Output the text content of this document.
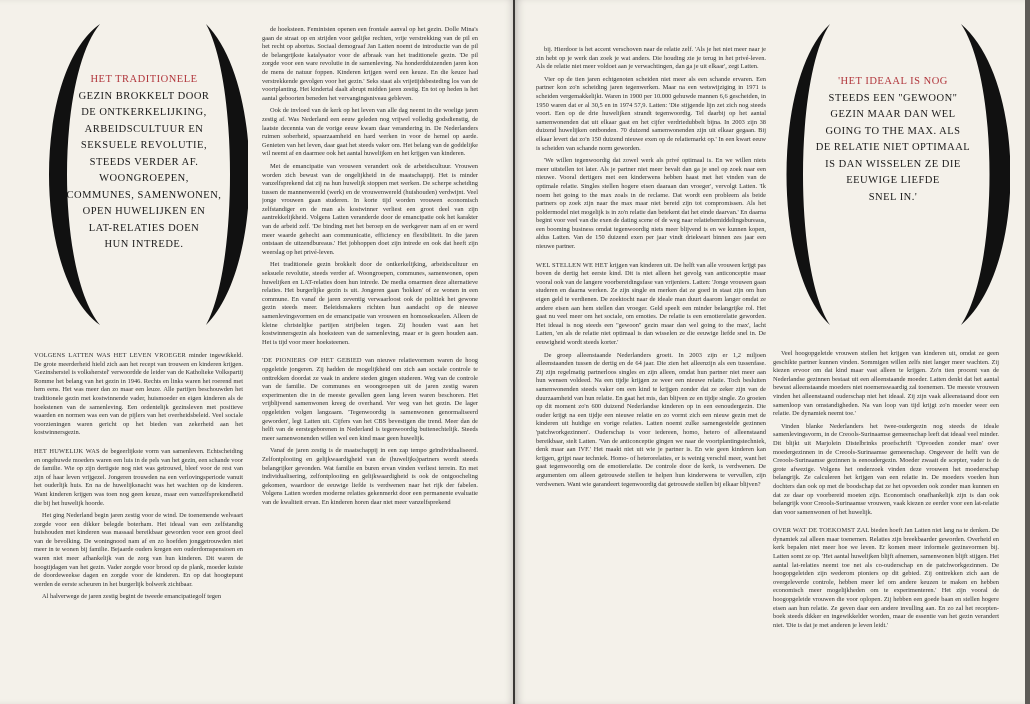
HET TRADITIONELE
GEZIN BROKKELT DOOR
DE ONTKERKELIJKING,
ARBEIDSCULTUUR EN
SEKSUELE REVOLUTIE,
STEEDS VERDER AF.
WOONGROEPEN,
COMMUNES, SAMENWONEN,
OPEN HUWELIJKEN EN
LAT-RELATIES DOEN
HUN INTREDE.

VOLGENS LATTEN WAS HET LEVEN VROEGER minder ingewikkeld. De grote meerderheid hield zich aan het recept van trouwen en kinderen krijgen. 'Gezinsherstel is volksherstel' verwoordde de leider van de Katholieke Volkspartij Romme het belang van het gezin in 1946. Rechts en links waren het roerend met hem eens. Het was meer dan zo maar een leuze. Alle partijen beschouwden het traditionele gezin met kostwinnende vader, huismoeder en eigen kinderen als de hoekstenen van de samenleving. Een ordentelijk gezinsleven met positieve waarden en normen was een van de pijlers van het overheidsbeleid. Veel sociale voorzieningen waren gericht op het bieden van zekerheid aan het kostwinnersgezin.

HET HUWELIJK WAS de begeerlijkste vorm van samenleven. Echtscheiding en ongehuwde moeders waren een luis in de pels van het gezin, een schande voor de familie. Wie op zijn dertigste nog niet was getrouwd, bleef voor de rest van zijn of haar leven vrijgezel. Jongeren trouwden na een verlovingsperiode vanuit het ouderlijk huis. En na de huwelijksnacht was het wachten op de kinderen. Want kinderen krijgen was toen nog geen keuze, maar een vanzelfsprekendheid die bij het huwelijk hoorde.

Het ging Nederland begin jaren zestig voor de wind. De toenemende welvaart zorgde voor een dikker belegde boterham. Het ideaal van een zelfstandig huishouden met kinderen was massaal bereikbaar geworden voor een groot deel van de bevolking. De woningnood nam af en zo hoefden jonggetrouwden niet meer in te wonen bij familie. Bejaarde ouders kregen een ouderdomspensioen en waren niet meer afhankelijk van de zorg van hun kinderen. Dit waren de hoogtijdagen van het gezin. Vader zorgde voor brood op de plank, moeder kuiste de doordeweekse dagen en zorgde voor de kinderen. En op dat hoogtepunt werden de eerste scheuren in het burgerlijk bolwerk zichtbaar.

Al halverwege de jaren zestig begint de tweede emancipatiegolf tegen

de hoeksteen. Feministen openen een frontale aanval op het gezin. Dolle Mina's gaan de straat op en strijden voor gelijke rechten, vrije verstrekking van de pil en het recht op abortus. Sociaal demograaf Jan Latten noemt de introductie van de pil de belangrijkste katalysator voor de afbraak van het traditionele gezin. 'De pil zorgde voor een ware revolutie in de samenleving. Na honderdduizenden jaren kon de mens de natuur foppen. Kinderen krijgen werd een keuze. En die keuze had verstrekkende gevolgen voor het gezin.' Seks staat als vrijetijdsbesteding los van de voortplanting. Het kindertal daalt abrupt midden jaren zestig. En tot op heden is het aantal geboorten beneden het vervangingsniveau gebleven.

Ook de invloed van de kerk op het leven van alle dag neemt in die woelige jaren zestig af. Was Nederland een eeuw geleden nog vrijwel volledig godsdienstig, de laatste decennia van de vorige eeuw kwam daar verandering in. De Nederlanders ruimen soberheid, spaarzaamheid en hard werken in voor de hemel op aarde. Genieten van het leven, daar gaat het steeds vaker om. Het belang van de goddelijke wil neemt af en daarmee ook het aantal huwelijken en het krijgen van kinderen.

Met de emancipatie van vrouwen verandert ook de arbeidscultuur. Vrouwen worden zich bewust van de ongelijkheid in de maatschappij. Het is minder vanzelfsprekend dat zij na hun huwelijk stoppen met werken. De scherpe scheiding tussen de mannenwereld (werk) en de vrouwenwereld (huishouden) verdwijnt. Veel jonge vrouwen gaan studeren. In korte tijd worden vrouwen economisch zelfstandiger en de man als kostwinner verliest een groot deel van zijn aantrekkelijkheid. Volgens Latten veranderde door de emancipatie ook het karakter van de arbeid zelf. 'De binding met het beroep en de werkgever nam af en er werd meer waarde gehecht aan communicatie, efficiency en flexibiliteit. In die jaren ontstaan de uitzendbureaus.' Het jobhoppen doet zijn intrede en ook dat heeft zijn weerslag op het privé-leven.

Het traditionele gezin brokkelt door de ontkerkelijking, arbeidscultuur en seksuele revolutie, steeds verder af. Woongroepen, communes, samenwonen, open huwelijken en LAT-relaties doen hun intrede. De media omarmen deze alternatieve relaties. Het burgerlijke gezin is uit. Jongeren gaan 'hokken' of ze wonen in een commune. En vanaf de jaren zeventig verwaarloost ook de politiek het gewone gezin steeds meer. Beleidsmakers richten hun aandacht op de nieuwe samenlevingsvormen en de emancipatie van vrouwen en homoseksuelen. Alleen de kleine christelijke partijen strijbelen tegen. Zij houden vast aan het kostwinnersgezin als hoeksteen van de samenleving, maar er is geen houden aan. Het is tijd voor meer hoeksteenen.

'DE PIONIERS OP HET GEBIED van nieuwe relatievormen waren de hoog opgeleide jongeren. Zij hadden de mogelijkheid om zich aan sociale controle te onttrekken doordat ze vaak in andere steden gingen studeren. Weg van de controle van de familie. De communes en woongroepen uit de jaren zestig waren experimenten die in de meeste gevallen geen lang leven waren beschoren. Het vrijblijvend samenwonen kreeg de overhand. Ver weg van het gezin. De lager opgeleiden volgen langzaam. 'Tegenwoordig is samenwonen genormaliseerd geworden', legt Latten uit. Cijfers van het CBS bevestigen die trend. Meer dan de helft van de eerstegeborenen in Nederland is tegenwoordig buitenechtelijk. Steeds meer samenwonenden willen wel een kind maar geen huwelijk.

Vanaf de jaren zestig is de maatschappij in een zap tempo geïndividualiseerd. Zelfontplooiing en gelijkwaardigheid van de (huwelijks)partners wordt steeds belangrijker gevonden. Wat familie en buren ervan vinden verliest terrein. En met individualisering, zelfontplooiing en gelijkwaardigheid is ook de ontgoocheling gekomen, waardoor de eeuwige liefde is verdwenen naar het rijk der fabelen. Volgens Latten worden moderne relaties gekenmerkt door een permanente evaluatie van de kwaliteit ervan. En kinderen horen daar niet meer vanzelfsprekend

bij. Hierdoor is het accent verschoven naar de relatie zelf. 'Als je het niet meer naar je zin hebt op je werk dan zoek je wat anders. Die houding zie je terug in het privé-leven. Als de relatie niet meer voldoet aan je verwachtingen, dan ga je uit elkaar', zegt Latten.

Vier op de tien jaren echtgenoten scheiden niet meer als een schande ervaren. Een partner kon zo'n scheiding jaren tegenwerken. Maar na een wetswijziging in 1971 is scheiden vergemakkelijkt. Waren in 1900 per 10.000 gehuwde mannen 6,6 gescheiden, in 1950 waren dat er al 30,5 en in 1974 57,9. Latten: 'Die stijgende lijn zet zich nog steeds voort. Een op de drie huwelijken strandt tegenwoordig. Tel daarbij op het aantal samenwonenden dat uit elkaar gaat en het cijfer verdriedubbelt bijna. In 2003 zijn 38 duizend huwelijken ontbonden. 70 duizend samenwonenden zijn uit elkaar gegaan. Bij elkaar levert dat zo'n 150 duizend nieuwe exen op de relatiemarkt op.' In een kwart eeuw is scheiden van schande norm geworden.

'We willen tegenwoordig dat zowel werk als privé optimaal is. En we willen niets meer uitstellen tot later. Als je partner niet meer bevalt dan ga je snel op zoek naar een nieuwe. Vooral dertigers met een kinderwens hebben haast met het vinden van de optimale relatie. Singles stellen hogere eisen daaraan dan vroeger', vervolgt Latten. 'Ik noem het going to the max zoals in de reclame. Dat wordt een probleem als beide partners op zoek zijn naar the max maar niet bereid zijn tot compromissen. Als het poldermodel niet mogelijk is in zo'n relatie dan betekent dat het einde daarvan.' En daarna begint voor veel van die exen de dating scene of de weg naar relatiebemiddelingsbureaus, een booming business omdat tegenwoordig niets meer blijvend is en we kunnen kopen, aldus Latten. Van de 150 duizend exen per jaar vindt driekwart binnen zes jaar een nieuwe partner.

WEL STELLEN WE HET krijgen van kinderen uit. De helft van alle vrouwen krijgt pas boven de dertig het eerste kind. Dit is niet alleen het gevolg van anticonceptie maar vooral ook van de langere voorbereidingsfase van vrijeniers. Latten: 'Jonge vrouwen gaan studeren en daarna werken. Ze zijn single en merken dat ze goed in staat zijn om hun eigen geld te verdienen. De zoektocht naar de ideale man duurt daarom langer omdat ze andere eisen aan hem stellen dan vroeger. Geld speelt een minder belangrijke rol. Het gaat nu veel meer om het sociale, om emoties. De relatie is een emotierelatie geworden. Het ideaal is nog steeds een "gewoon" gezin maar dan wel going to the max', lacht Latten, 'en als de relatie niet optimaal is dan wisselen ze die eeuwige liefde snel in. De eeuwigheid wordt steeds korter.'

De groep alleenstaande Nederlanders groeit. In 2003 zijn er 1,2 miljoen alleenstaanden tussen de dertig en de 64 jaar. Die zien het alleenzijn als een tussenfase. Zij zijn regelmatig partnerloos singles en zijn alleen, omdat hun partner niet meer aan hun wensen voldeed. Na een tijdje krijgen ze weer een nieuwe relatie. Toch besluiten samenwonenden steeds vaker om een kind te krijgen zonder dat ze zeker zijn van de duurzaamheid van hun relatie. En gaat het mis, dan blijven ze en tijdje single. Zo groeien op dit moment zo'n 600 duizend Nederlandse kinderen op in een eenoudergezin. Die ouder krijgt na een tijdje een nieuwe relatie en zo vormt zich een nieuw gezin met de kinderen uit huidige en vorige relaties. Latten noemt zulke samengestelde gezinnen 'patchworkgezinnen'. Ouderschap is voor iedereen, homo, hetero of alleenstaand bereikbaar, stelt Latten. 'Van de anticonceptie gingen we naar de voortplantingstechniek, denk maar aan IVF.' Het maakt niet uit wie je partner is. En wie geen kinderen kan krijgen, grijpt naar techniek. Homo- of heterorelaties, er is weinig verschil meer, want het gaat tegenwoordig om de emotierelatie. De controle door de kerk, is verdwenen. De argumenten om alleen getrouwde stellen te helpen hun kinderwens te vervullen, zijn verdwenen. Want wie garandeert tegenwoordig dat getrouwde stellen bij elkaar blijven?

'HET IDEAAL IS NOG
STEEDS EEN "GEWOON"
GEZIN MAAR DAN WEL
GOING TO THE MAX. ALS
DE RELATIE NIET OPTIMAAL
IS DAN WISSELEN ZE DIE
EEUWIGE LIEFDE
SNEL IN.'

Veel hoogopgeleide vrouwen stellen het krijgen van kinderen uit, omdat ze geen geschikte partner kunnen vinden. Sommigen willen zelfs niet langer meer wachten. Zij kiezen ervoor om dat kind maar vast alleen te krijgen. Zo'n tien procent van de Nederlandse gezinnen bestaat uit een alleenstaande moeder. Latten denkt dat het aantal bewust alleenstaande moeders niet noemenswaardig zal toenemen. 'De meeste vrouwen vinden het alleenstaand ouderschap niet het ideaal. Zij zijn vaak alleenstaand door een samenloop van omstandigheden. Na van loop van tijd krijgt zo'n moeder weer een relatie. De dynamiek neemt toe.'

Vinden blanke Nederlanders het twee-oudergezin nog steeds de ideale samenlevingsvorm, in de Creools-Surinaamse gemeenschap leeft dat ideaal veel minder. Dit blijkt uit Marjolein Distelbrinks proefschrift 'Opvoeden zonder man' over moedergezinnen in de Creools-Surinaamse gemeenschap. Ongeveer de helft van de Creools-Surinaamse gezinnen is eenoudergezin. Moeder zwaait de scepter, vader is de grote afwezige. Volgens het onderzoek vinden deze vrouwen het moederschap belangrijk. Ze calculeren het krijgen van een relatie in. De moeders voeden hun dochters dan ook op met de boodschap dat ze het opvoeden ook zonder man kunnen en dat ze daar op voorbereid moeten zijn. Economisch onafhankelijk zijn is dan ook belangrijk voor Creools-Surinaamse vrouwen, vaak kiezen ze eerder voor een lat-relatie dan voor samenwonen of het huwelijk.

OVER WAT DE TOEKOMST ZAL bieden hoeft Jan Latten niet lang na te denken. De dynamiek zal alleen maar toenemen. Relaties zijn breekbaarder geworden. Overheid en kerk bepalen niet meer hoe we leven. Er komen meer informele gezinsvormen bij. Latten somt ze op. 'Het aantal huwelijken blijft afnemen, samenwonen blijft stijgen. Het aantal lat-relaties neemt toe net als co-ouderschap en de patchworkgezinnen. De hoogopgeleiden zijn wederom pioniers op dit gebied. Zij onttrekken zich aan de overgeleverde controle, hebben meer lef om andere keuzen te maken en hebben economisch meer mogelijkheden om te experimenteren.' Het zijn vooral de hoogopgeleide vrouwen die voor oplopen. Zij hebben een goede baan en stellen hogere eisen aan hun relatie. Ze geven daar een andere invulling aan. En zo zal het recepten-boek steeds dikker en ingewikkelder worden, maar de essentie van het gezin verandert niet. 'Die is dat je met anderen je leven leidt.'
